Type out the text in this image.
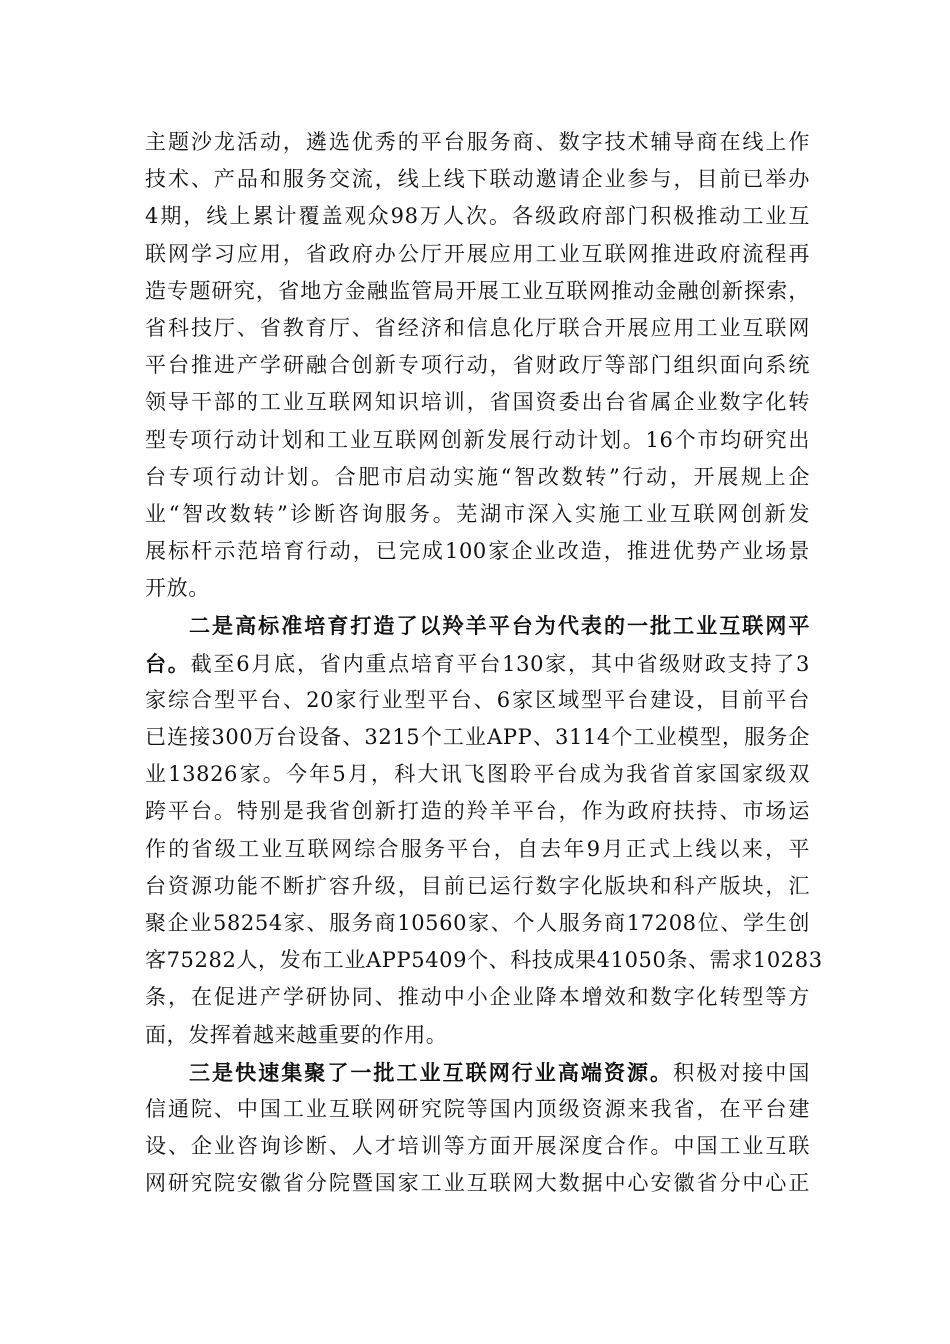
主题沙龙活动，遴选优秀的平台服务商、数字技术辅导商在线上作
技术、产品和服务交流，线上线下联动邀请企业参与，目前已举办
4期，线上累计覆盖观众98万人次。各级政府部门积极推动工业互
联网学习应用，省政府办公厅开展应用工业互联网推进政府流程再
造专题研究，省地方金融监管局开展工业互联网推动金融创新探索，
省科技厅、省教育厅、省经济和信息化厅联合开展应用工业互联网
平台推进产学研融合创新专项行动，省财政厅等部门组织面向系统
领导干部的工业互联网知识培训，省国资委出台省属企业数字化转
型专项行动计划和工业互联网创新发展行动计划。16个市均研究出
台专项行动计划。合肥市启动实施“智改数转”行动，开展规上企
业“智改数转”诊断咨询服务。芜湖市深入实施工业互联网创新发
展标杆示范培育行动，已完成100家企业改造，推进优势产业场景
开放。
二是高标准培育打造了以羚羊平台为代表的一批工业互联网平
台。截至6月底，省内重点培育平台130家，其中省级财政支持了3
家综合型平台、20家行业型平台、6家区域型平台建设，目前平台
已连接300万台设备、3215个工业APP、3114个工业模型，服务企
业13826家。今年5月，科大讯飞图聆平台成为我省首家国家级双
跨平台。特别是我省创新打造的羚羊平台，作为政府扶持、市场运
作的省级工业互联网综合服务平台，自去年9月正式上线以来，平
台资源功能不断扩容升级，目前已运行数字化版块和科产版块，汇
聚企业58254家、服务商10560家、个人服务商17208位、学生创
客75282人，发布工业APP5409个、科技成果41050条、需求10283
条，在促进产学研协同、推动中小企业降本增效和数字化转型等方
面，发挥着越来越重要的作用。
三是快速集聚了一批工业互联网行业高端资源。积极对接中国
信通院、中国工业互联网研究院等国内顶级资源来我省，在平台建
设、企业咨询诊断、人才培训等方面开展深度合作。中国工业互联
网研究院安徽省分院暨国家工业互联网大数据中心安徽省分中心正
